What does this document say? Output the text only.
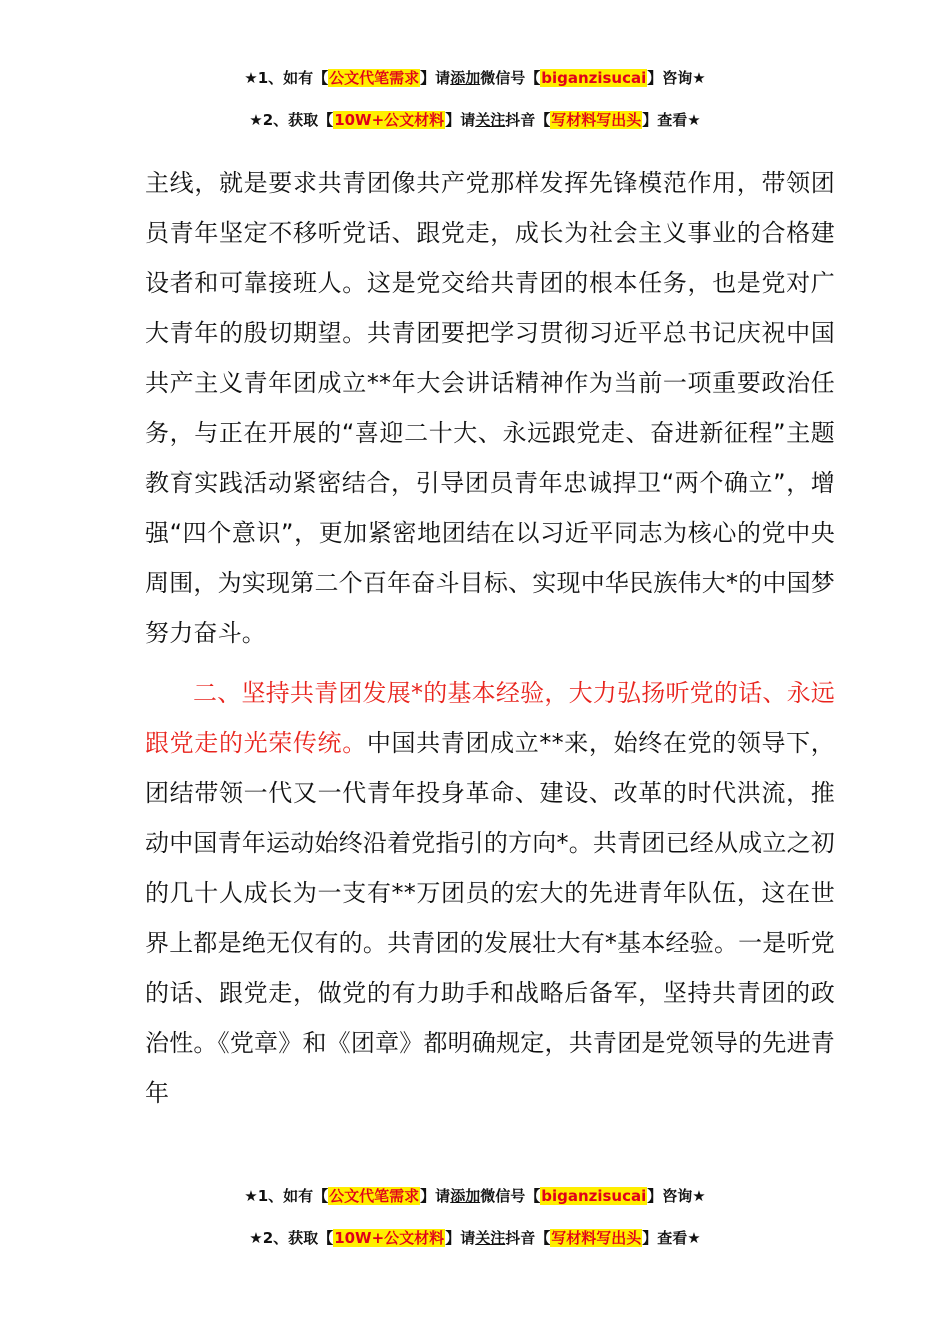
★1、如有【公文代笔需求】请添加微信号【biganzisucai】咨询★
★2、获取【10W+公文材料】请关注抖音【写材料写出头】查看★

主线，就是要求共青团像共产党那样发挥先锋模范作用，带领团员青年坚定不移听党话、跟党走，成长为社会主义事业的合格建设者和可靠接班人。这是党交给共青团的根本任务，也是党对广大青年的殷切期望。共青团要把学习贯彻习近平总书记庆祝中国共产主义青年团成立**年大会讲话精神作为当前一项重要政治任务，与正在开展的“喜迎二十大、永远跟党走、奋进新征程”主题教育实践活动紧密结合，引导团员青年忠诚捍卫“两个确立”，增强“四个意识”，更加紧密地团结在以习近平同志为核心的党中央周围，为实现第二个百年奋斗目标、实现中华民族伟大*的中国梦努力奋斗。

二、坚持共青团发展*的基本经验，大力弘扬听党的话、永远跟党走的光荣传统。中国共青团成立**来，始终在党的领导下，团结带领一代又一代青年投身革命、建设、改革的时代洪流，推动中国青年运动始终沿着党指引的方向*。共青团已经从成立之初的几十人成长为一支有**万团员的宏大的先进青年队伍，这在世界上都是绝无仅有的。共青团的发展壮大有*基本经验。一是听党的话、跟党走，做党的有力助手和战略后备军，坚持共青团的政治性。《党章》和《团章》都明确规定，共青团是党领导的先进青年

★1、如有【公文代笔需求】请添加微信号【biganzisucai】咨询★
★2、获取【10W+公文材料】请关注抖音【写材料写出头】查看★
